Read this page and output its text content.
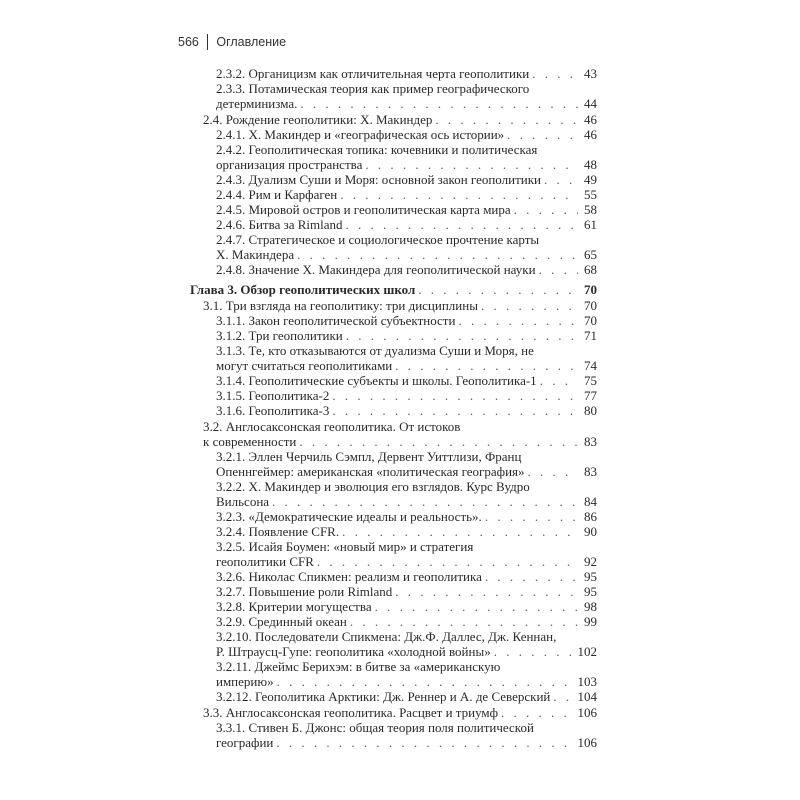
566 Оглавление
2.3.2. Органицизм как отличительная черта геополитики . . .	43
2.3.3. Потамическая теория как пример географического
детерминизма. . . .	44
2.4. Рождение геополитики: Х. Макиндер . . .	46
2.4.1. Х. Макиндер и «географическая ось истории» . . .	46
2.4.2. Геополитическая топика: кочевники и политическая
организация пространства . . .	48
2.4.3. Дуализм Суши и Моря: основной закон геополитики . . .	49
2.4.4. Рим и Карфаген . . .	55
2.4.5. Мировой остров и геополитическая карта мира . . .	58
2.4.6. Битва за Rimland . . .	61
2.4.7. Стратегическое и социологическое прочтение карты
Х. Макиндера . . .	65
2.4.8. Значение Х. Макиндера для геополитической науки . . .	68
Глава 3. Обзор геополитических школ . . .	70
3.1. Три взгляда на геополитику: три дисциплины . . .	70
3.1.1. Закон геополитической субъектности . . .	70
3.1.2. Три геополитики . . .	71
3.1.3. Те, кто отказываются от дуализма Суши и Моря, не
могут считаться геополитиками . . .	74
3.1.4. Геополитические субъекты и школы. Геополитика-1 . . .	75
3.1.5. Геополитика-2 . . .	77
3.1.6. Геополитика-3 . . .	80
3.2. Англосаксонская геополитика. От истоков
к современности . . .	83
3.2.1. Эллен Черчиль Сэмпл, Дервент Уиттлизи, Франц
Опеннгеймер: американская «политическая география» . . .	83
3.2.2. Х. Макиндер и эволюция его взглядов. Курс Вудро
Вильсона . . .	84
3.2.3. «Демократические идеалы и реальность». . . .	86
3.2.4. Появление CFR. . . .	90
3.2.5. Исайя Боумен: «новый мир» и стратегия
геополитики CFR . . .	92
3.2.6. Николас Спикмен: реализм и геополитика . . .	95
3.2.7. Повышение роли Rimland . . .	95
3.2.8. Критерии могущества . . .	98
3.2.9. Срединный океан . . .	99
3.2.10. Последователи Спикмена: Дж.Ф. Даллес, Дж. Кеннан,
Р. Штраусц-Гупе: геополитика «холодной войны» . . .	102
3.2.11. Джеймс Берихэм: в битве за «американскую
империю» . . .	103
3.2.12. Геополитика Арктики: Дж. Реннер и А. де Северский . . . 104
3.3. Англосаксонская геополитика. Расцвет и триумф . . .	106
3.3.1. Стивен Б. Джонс: общая теория поля политической
географии . . .	106
